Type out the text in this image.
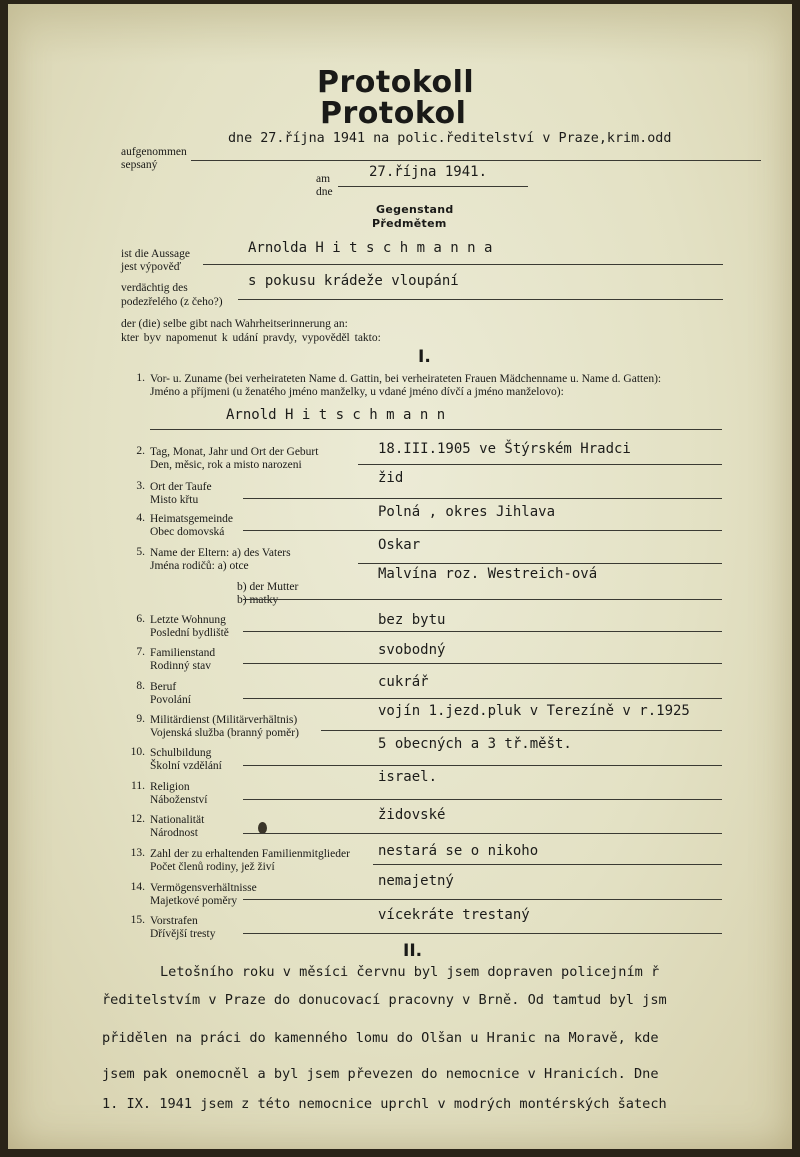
Protokoll
Protokol
aufgenommen
sepsaný
dne 27.října 1941 na polic.ředitelství v Praze,krim.odd
am
dne
27.října 1941.
Gegenstand
Předmětem
ist die Aussage
jest výpověď
Arnolda H i t s c h m a n n a
verdächtig des
podezřelého (z čeho?)
s pokusu krádeže vloupání
der (die) selbe gibt nach Wahrheitserinnerung an:
kter byv napomenut k udání pravdy, vypověděl takto:
I.
1. Vor- u. Zuname (bei verheirateten Name d. Gattin, bei verheirateten Frauen Mädchenname u. Name d. Gatten):
Jméno a příjmeni (u ženatého jméno manželky, u vdané jméno dívčí a jméno manželovo):
Arnold H i t s c h m a n n
II.
Letošního roku v měsíci červnu byl jsem dopraven policejním ř
ředitelstvím v Praze do donucovací pracovny v Brně. Od tamtud byl jsm
přidělen na práci do kamenného lomu do Olšan u Hranic na Moravě, kde
jsem pak onemocněl a byl jsem převezen do nemocnice v Hranicích. Dne
1. IX. 1941 jsem z této nemocnice uprchl v modrých montérských šatech
2. Tag, Monat, Jahr und Ort der Geburt
Den, měsic, rok a misto narozeni
18.III.1905 ve Štýrském Hradci
3. Ort der Taufe
Misto křtu
žid
4. Heimatsgemeinde
Obec domovská
Polná , okres Jihlava
5. Name der Eltern: a) des Vaters
Jména rodičů: a) otce
Oskar
b) der Mutter
b) matky
Malvína roz. Westreich-ová
6. Letzte Wohnung
Poslední bydliště
bez bytu
7. Familienstand
Rodinný stav
svobodný
8. Beruf
Povolání
cukrář
9. Militärdienst (Militärverhältnis)
Vojenská služba (branný poměr)
vojín 1.jezd.pluk v Terezíně v r.1925
10. Schulbildung
Školní vzdělání
5 obecných a 3 tř.měšt.
11. Religion
Náboženství
israel.
12. Nationalität
Národnost
židovské
13. Zahl der zu erhaltenden Familienmitglieder
Počet členů rodiny, jež živí
nestará se o nikoho
14. Vermögensverhältnisse
Majetkové poměry
nemajetný
15. Vorstrafen
Dřívější tresty
vícekráte trestaný
